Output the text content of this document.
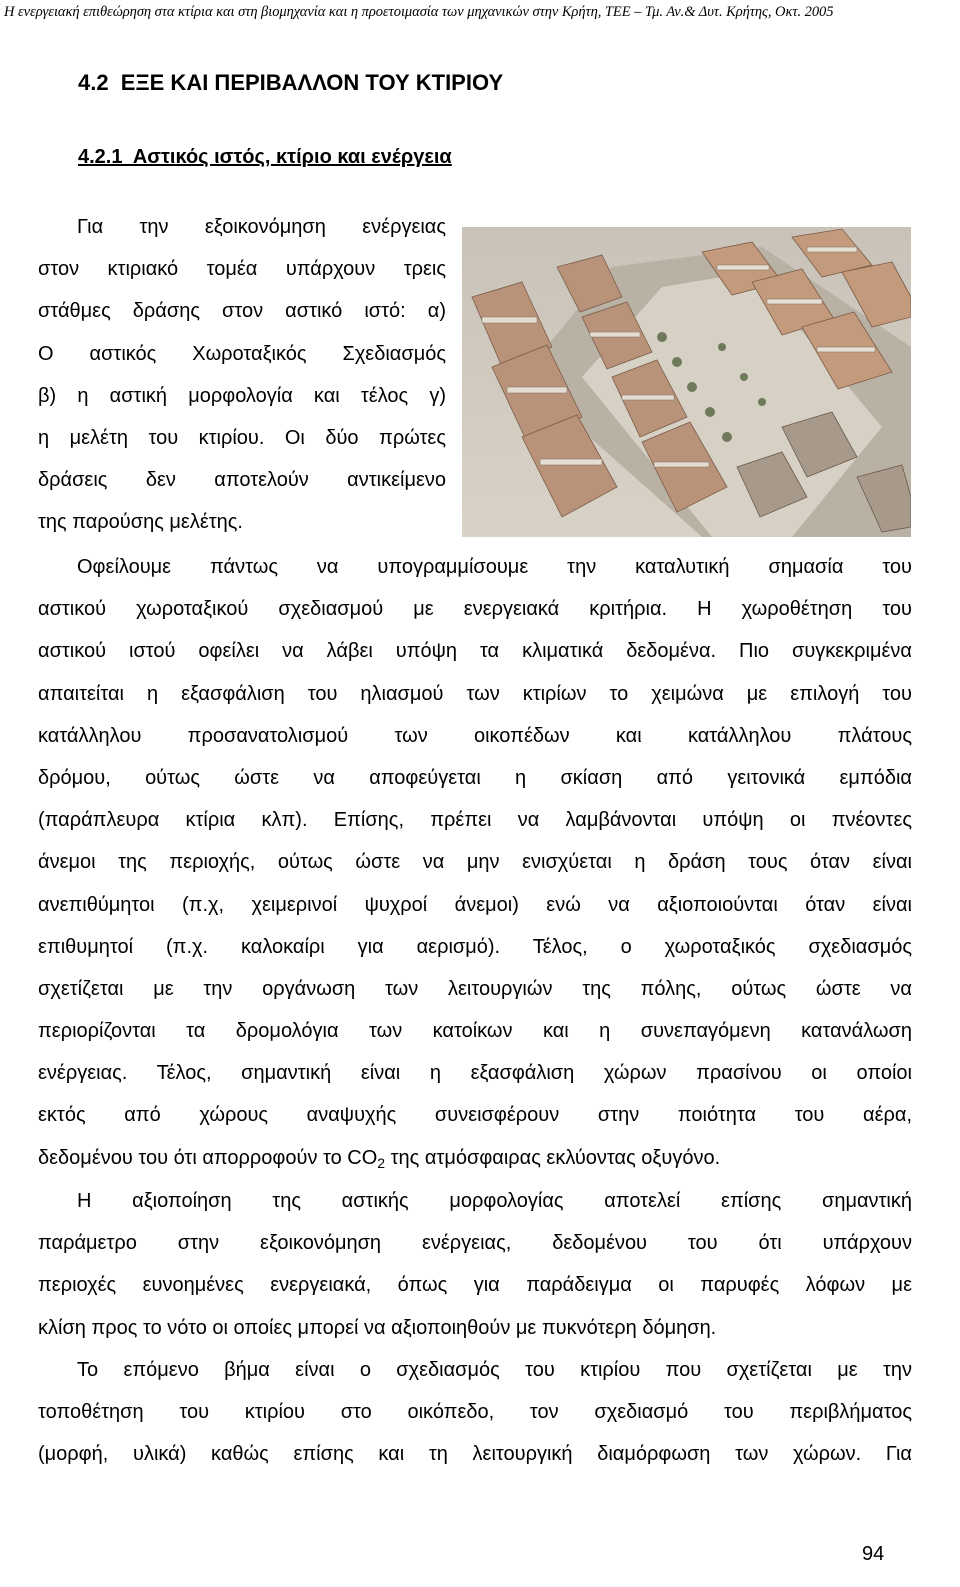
Η ενεργειακή επιθεώρηση στα κτίρια και στη βιομηχανία και η προετοιμασία των μηχανικών στην Κρήτη, ΤΕΕ – Τμ. Αν.& Δυτ. Κρήτης, Οκτ. 2005
4.2  ΕΞΕ ΚΑΙ ΠΕΡΙΒΑΛΛΟΝ ΤΟΥ ΚΤΙΡΙΟΥ
4.2.1  Αστικός ιστός, κτίριο και ενέργεια
Για την εξοικονόμηση ενέργειας
στον κτιριακό τομέα υπάρχουν τρεις
στάθμες δράσης στον αστικό ιστό: α)
Ο αστικός Χωροταξικός Σχεδιασμός
β) η αστική μορφολογία και τέλος γ)
η μελέτη του κτιρίου. Οι δύο πρώτες
δράσεις δεν αποτελούν αντικείμενο
της παρούσης μελέτης.
Οφείλουμε πάντως να υπογραμμίσουμε την καταλυτική σημασία του
αστικού χωροταξικού σχεδιασμού με ενεργειακά κριτήρια. Η χωροθέτηση του
αστικού ιστού οφείλει να λάβει υπόψη τα κλιματικά δεδομένα. Πιο συγκεκριμένα
απαιτείται η εξασφάλιση του ηλιασμού των κτιρίων το χειμώνα με επιλογή του
κατάλληλου προσανατολισμού των οικοπέδων και κατάλληλου πλάτους
δρόμου, ούτως ώστε να αποφεύγεται η σκίαση από γειτονικά εμπόδια
(παράπλευρα κτίρια κλπ). Επίσης, πρέπει να λαμβάνονται υπόψη οι πνέοντες
άνεμοι της περιοχής, ούτως ώστε να μην ενισχύεται η δράση τους όταν είναι
ανεπιθύμητοι (π.χ, χειμερινοί ψυχροί άνεμοι) ενώ να αξιοποιούνται όταν είναι
επιθυμητοί (π.χ. καλοκαίρι για αερισμό). Τέλος, ο χωροταξικός σχεδιασμός
σχετίζεται με την οργάνωση των λειτουργιών της πόλης, ούτως ώστε να
περιορίζονται τα δρομολόγια των κατοίκων και η συνεπαγόμενη κατανάλωση
ενέργειας. Τέλος, σημαντική είναι η εξασφάλιση χώρων πρασίνου οι οποίοι
εκτός από χώρους αναψυχής συνεισφέρουν στην ποιότητα του αέρα,
δεδομένου του ότι απορροφούν το $CO_2$ της ατμόσφαιρας εκλύοντας οξυγόνο.
Η αξιοποίηση της αστικής μορφολογίας αποτελεί επίσης σημαντική
παράμετρο στην εξοικονόμηση ενέργειας, δεδομένου του ότι υπάρχουν
περιοχές ευνοημένες ενεργειακά, όπως για παράδειγμα οι παρυφές λόφων με
κλίση προς το νότο οι οποίες μπορεί να αξιοποιηθούν με πυκνότερη δόμηση.
Το επόμενο βήμα είναι ο σχεδιασμός του κτιρίου που σχετίζεται με την
τοποθέτηση του κτιρίου στο οικόπεδο, τον σχεδιασμό του περιβλήματος
(μορφή, υλικά) καθώς επίσης και τη λειτουργική διαμόρφωση των χώρων. Για
94
